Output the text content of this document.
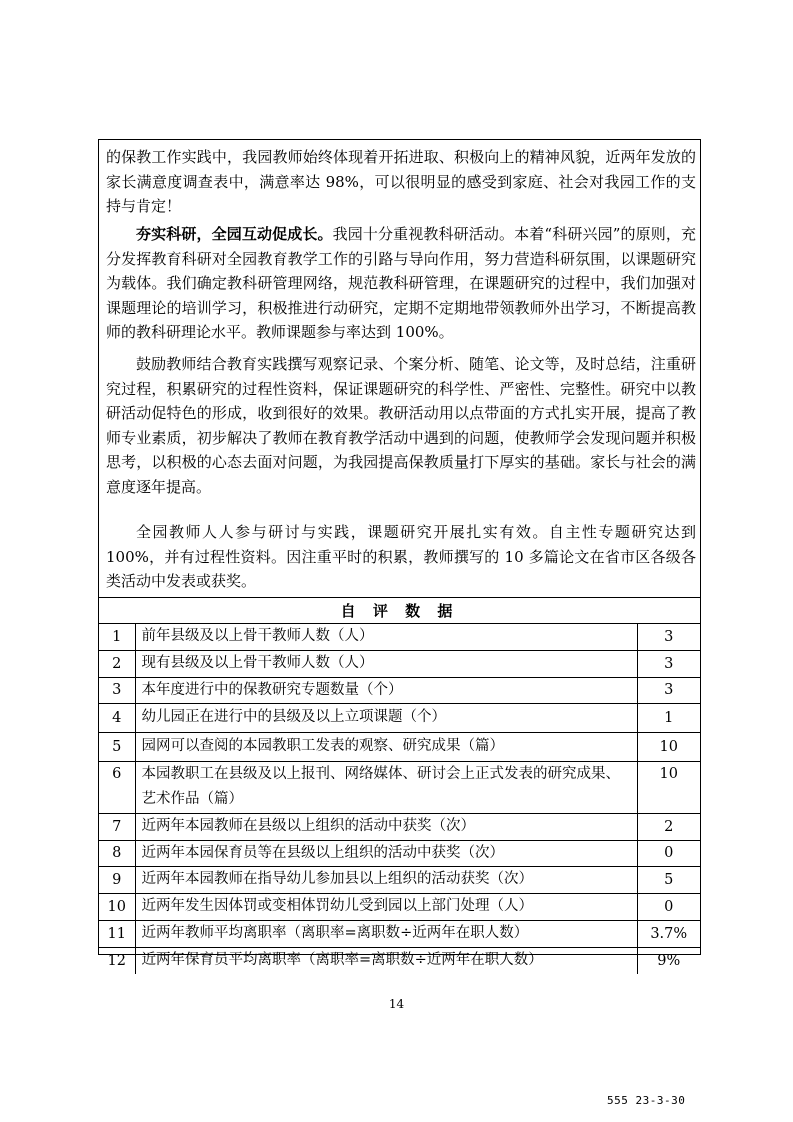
的保教工作实践中，我园教师始终体现着开拓进取、积极向上的精神风貌，近两年发放的家长满意度调查表中，满意率达 98%，可以很明显的感受到家庭、社会对我园工作的支持与肯定！

夯实科研，全园互动促成长。我园十分重视教科研活动。本着“科研兴园”的原则，充分发挥教育科研对全园教育教学工作的引路与导向作用，努力营造科研氛围，以课题研究为载体。我们确定教科研管理网络，规范教科研管理，在课题研究的过程中，我们加强对课题理论的培训学习，积极推进行动研究，定期不定期地带领教师外出学习，不断提高教师的教科研理论水平。教师课题参与率达到 100%。

鼓励教师结合教育实践撰写观察记录、个案分析、随笔、论文等，及时总结，注重研究过程，积累研究的过程性资料，保证课题研究的科学性、严密性、完整性。研究中以教研活动促特色的形成，收到很好的效果。教研活动用以点带面的方式扎实开展，提高了教师专业素质，初步解决了教师在教育教学活动中遇到的问题，使教师学会发现问题并积极思考，以积极的心态去面对问题，为我园提高保教质量打下厚实的基础。家长与社会的满意度逐年提高。

全园教师人人参与研讨与实践，课题研究开展扎实有效。自主性专题研究达到100%，并有过程性资料。因注重平时的积累，教师撰写的 10 多篇论文在省市区各级各类活动中发表或获奖。

自 评 数 据
1	前年县级及以上骨干教师人数（人）	3
2	现有县级及以上骨干教师人数（人）	3
3	本年度进行中的保教研究专题数量（个）	3
4	幼儿园正在进行中的县级及以上立项课题（个）	1
5	园网可以查阅的本园教职工发表的观察、研究成果（篇）	10
6	本园教职工在县级及以上报刊、网络媒体、研讨会上正式发表的研究成果、艺术作品（篇）	10
7	近两年本园教师在县级以上组织的活动中获奖（次）	2
8	近两年本园保育员等在县级以上组织的活动中获奖（次）	0
9	近两年本园教师在指导幼儿参加县以上组织的活动获奖（次）	5
10	近两年发生因体罚或变相体罚幼儿受到园以上部门处理（人）	0
11	近两年教师平均离职率（离职率=离职数÷近两年在职人数）	3.7%
12	近两年保育员平均离职率（离职率=离职数÷近两年在职人数）	9%
14
555 23-3-30
